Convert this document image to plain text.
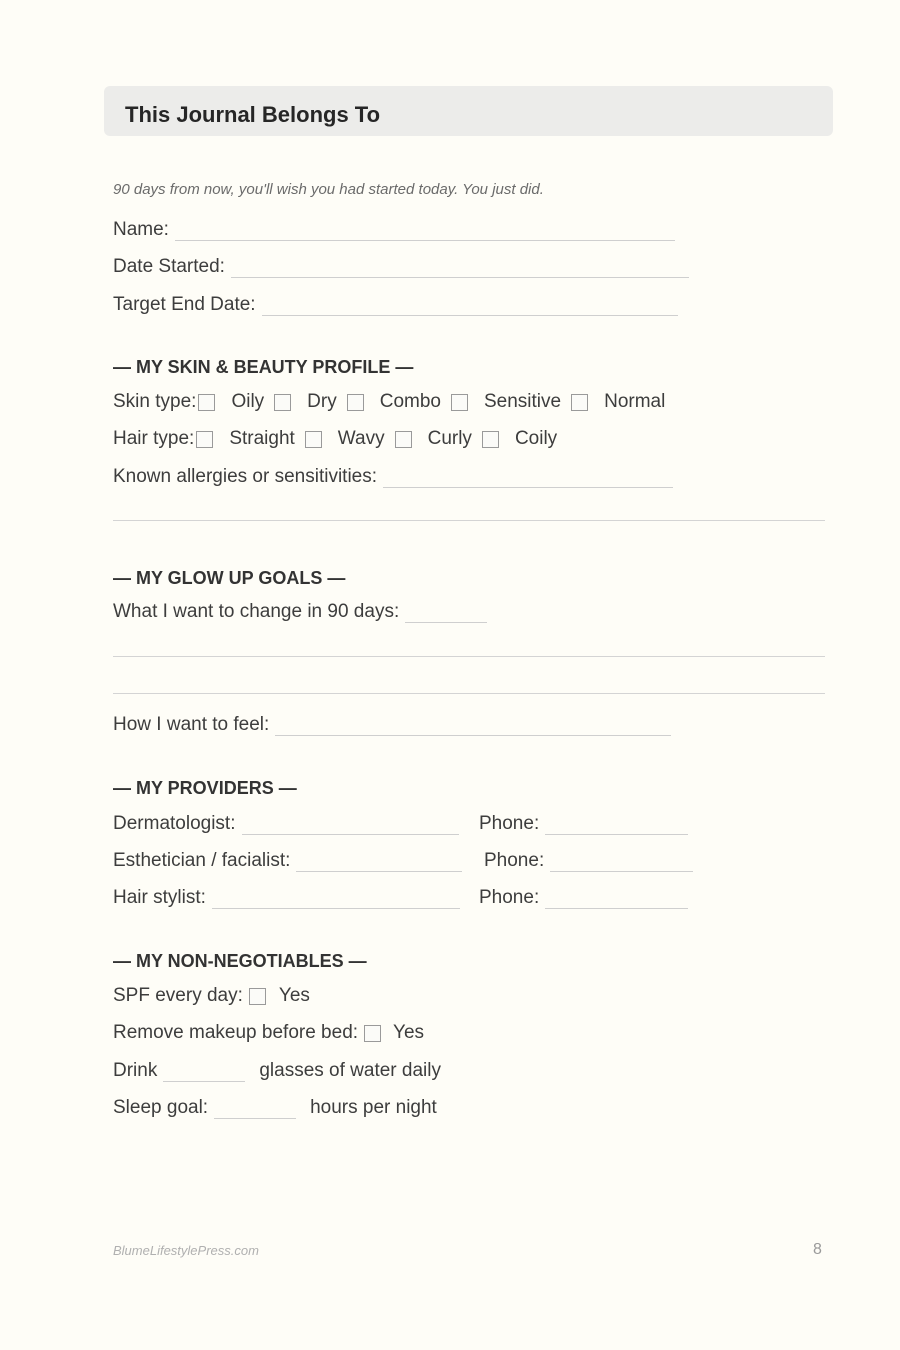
This Journal Belongs To
90 days from now, you'll wish you had started today. You just did.
Name:
Date Started:
Target End Date:
— MY SKIN & BEAUTY PROFILE —
Skin type: Oily Dry Combo Sensitive Normal
Hair type: Straight Wavy Curly Coily
Known allergies or sensitivities:
— MY GLOW UP GOALS —
What I want to change in 90 days:
How I want to feel:
— MY PROVIDERS —
Dermatologist:	Phone:
Esthetician / facialist:	Phone:
Hair stylist:	Phone:
— MY NON-NEGOTIABLES —
SPF every day: Yes
Remove makeup before bed: Yes
Drink	glasses of water daily
Sleep goal:	hours per night
BlumeLifestylePress.com	8
